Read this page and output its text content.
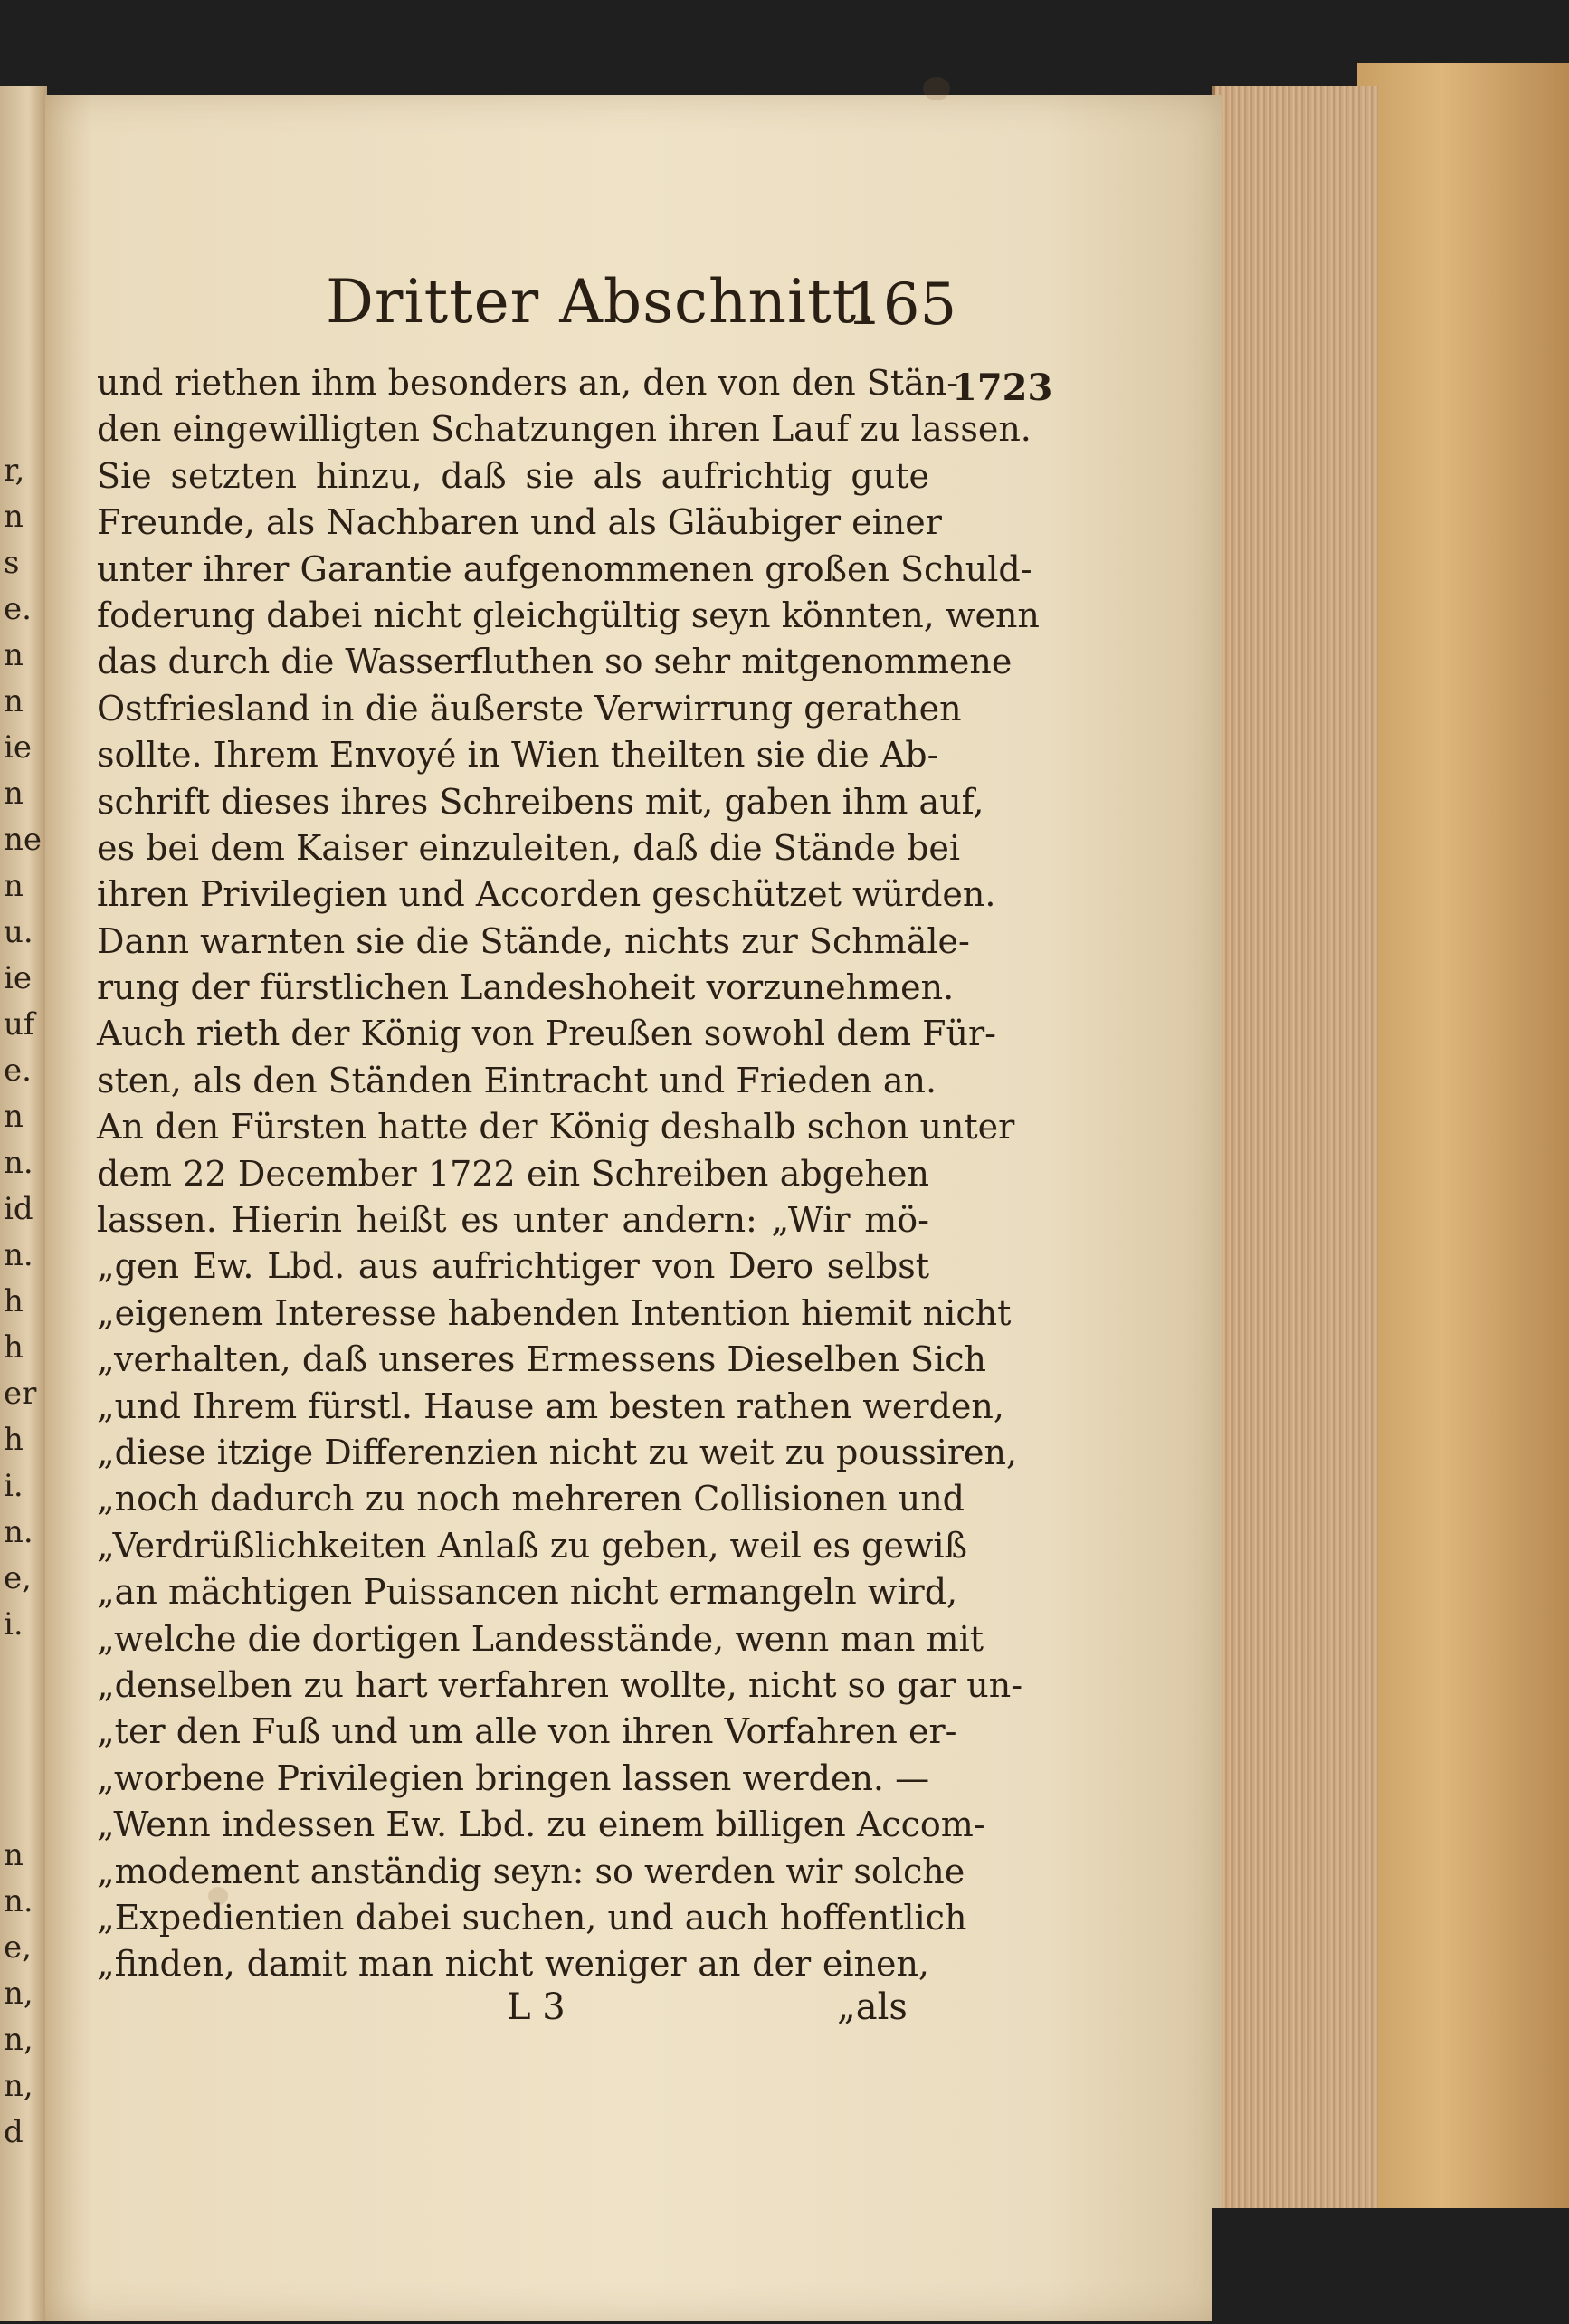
r,
n
s
e.
n
n
ie
n
ne
n
u.
ie
uf
e.
n
n.
id
n.
h
h
er
h
i.
n.
e,
i.
n
n.
e,
n,
n,
n,
d
Dritter Abschnitt.
165
1723
und riethen ihm besonders an, den von den Stän-
den eingewilligten Schatzungen ihren Lauf zu lassen.
Sie setzten hinzu, daß sie als aufrichtig gute
Freunde, als Nachbaren und als Gläubiger einer
unter ihrer Garantie aufgenommenen großen Schuld-
foderung dabei nicht gleichgültig seyn könnten, wenn
das durch die Wasserfluthen so sehr mitgenommene
Ostfriesland in die äußerste Verwirrung gerathen
sollte. Ihrem Envoyé in Wien theilten sie die Ab-
schrift dieses ihres Schreibens mit, gaben ihm auf,
es bei dem Kaiser einzuleiten, daß die Stände bei
ihren Privilegien und Accorden geschützet würden.
Dann warnten sie die Stände, nichts zur Schmäle-
rung der fürstlichen Landeshoheit vorzunehmen.
Auch rieth der König von Preußen sowohl dem Für-
sten, als den Ständen Eintracht und Frieden an.
An den Fürsten hatte der König deshalb schon unter
dem 22 December 1722 ein Schreiben abgehen
lassen. Hierin heißt es unter andern: „Wir mö-
„gen Ew. Lbd. aus aufrichtiger von Dero selbst
„eigenem Interesse habenden Intention hiemit nicht
„verhalten, daß unseres Ermessens Dieselben Sich
„und Ihrem fürstl. Hause am besten rathen werden,
„diese itzige Differenzien nicht zu weit zu poussiren,
„noch dadurch zu noch mehreren Collisionen und
„Verdrüßlichkeiten Anlaß zu geben, weil es gewiß
„an mächtigen Puissancen nicht ermangeln wird,
„welche die dortigen Landesstände, wenn man mit
„denselben zu hart verfahren wollte, nicht so gar un-
„ter den Fuß und um alle von ihren Vorfahren er-
„worbene Privilegien bringen lassen werden. —
„Wenn indessen Ew. Lbd. zu einem billigen Accom-
„modement anständig seyn: so werden wir solche
„Expedientien dabei suchen, und auch hoffentlich
„finden, damit man nicht weniger an der einen,
L 3	„als
